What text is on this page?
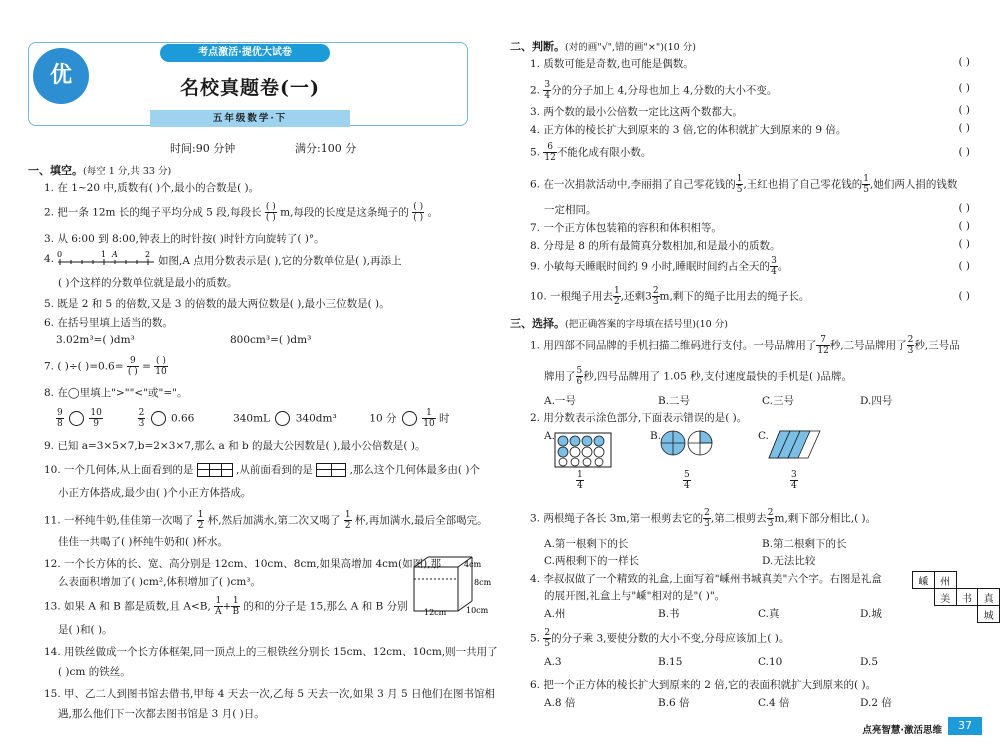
优
考点激活·提优大试卷
名校真题卷(一)
五年级数学·下
时间:90 分钟	满分:100 分
一、填空。(每空 1 分,共 33 分)
1. 在 1~20 中,质数有( )个,最小的合数是( )。
2. 把一条 12m 长的绳子平均分成 5 段,每段长 $\frac{( )}{( )} m$,每段的长度是这条绳子的 $\frac{( )}{( )}$ 。
3. 从 6:00 到 8:00,钟表上的时针按( )时针方向旋转了( )°。
4. 0	A
1	2
如图,A 点用分数表示是( ),它的分数单位是( ),再添上
( )个这样的分数单位就是最小的质数。
5. 既是 2 和 5 的倍数,又是 3 的倍数的最大两位数是( ),最小三位数是( )。
6. 在括号里填上适当的数。
3.02m³=( )dm³	800cm³=( )dm³
7. ( )÷( )$=0.6= \frac{9}{( )} = \frac{( )}{10}$
8. 在◯里填上">""<"或"="。
$\frac{9}{8}$
	$\frac{10}{9}$
	$\frac{2}{3} 0.66$	340mL 340dm³	10 分	$\frac{1}{10}$ 时
9. 已知 a=3×5×7,b=2×3×7,那么 a 和 b 的最大公因数是( ),最小公倍数是( )。
10. 一个几何体,从上面看到的是	,从前面看到的是	,那么这个几何体最多由( )个
小正方体搭成,最少由( )个小正方体搭成。
11. 一杯纯牛奶,佳佳第一次喝了 $\frac{1}{2}$ 杯,然后加满水,第二次又喝了 $\frac{1}{2}$ 杯,再加满水,最后全部喝完。
佳佳一共喝了( )杯纯牛奶和( )杯水。
12. 一个长方体的长、宽、高分别是 12cm、10cm、8cm,如果高增加 4cm(如图),那
么表面积增加了( )cm²,体积增加了( )cm³。
4cm
8cm
10cm
12cm
13. 如果 A 和 B 都是质数,且 A<B, $\frac{1}{A} + \frac{1}{B}$ 的和的分子是 15,那么 A 和 B 分别
是( )和( )。
14. 用铁丝做成一个长方体框架,同一顶点上的三根铁丝分别长 15cm、12cm、10cm,则一共用了
( )cm 的铁丝。
15. 甲、乙二人到图书馆去借书,甲每 4 天去一次,乙每 5 天去一次,如果 3 月 5 日他们在图书馆相
遇,那么他们下一次都去图书馆是 3 月( )日。
二、判断。(对的画"√",错的画"×")(10 分)
1. 质数可能是奇数,也可能是偶数。	( )
2. $\frac{3}{4}$ 分的分子加上 4,分母也加上 4,分数的大小不变。	( )
3. 两个数的最小公倍数一定比这两个数都大。	( )
4. 正方体的棱长扩大到原来的 3 倍,它的体积就扩大到原来的 9 倍。	( )
5. $\frac{6}{12}$ 不能化成有限小数。	( )
6. 在一次捐款活动中,李丽捐了自己零花钱的 $\frac{1}{5}$ ,王红也捐了自己零花钱的 $\frac{1}{5}$ ,她们两人捐的钱数
一定相同。	( )
7. 一个正方体包装箱的容积和体积相等。	( )
8. 分母是 8 的所有最简真分数相加,和是最小的质数。	( )
9. 小敏每天睡眠时间约 9 小时,睡眠时间约占全天的 $\frac{3}{4}$ 。	( )
10. 一根绳子用去 $\frac{1}{2}$ ,还剩$3 \frac{2}{3} m$,剩下的绳子比用去的绳子长。	( )
三、选择。(把正确答案的字母填在括号里)(10 分)
1. 用四部不同品牌的手机扫描二维码进行支付。一号品牌用了 $\frac{7}{12}$ 秒,二号品牌用了 $\frac{2}{3}$ 秒,三号品
牌用了 $\frac{5}{6}$ 秒,四号品牌用了 1.05 秒,支付速度最快的手机是( )品牌。
A.一号	B.二号	C.三号	D.四号
2. 用分数表示涂色部分,下面表示错误的是( )。
A.
$\frac{1}{4}$
B.
$\frac{5}{4}$
C.
$\frac{3}{4}$
3. 两根绳子各长 3m,第一根剪去它的 $\frac{2}{3}$ ,第二根剪去 $\frac{2}{3} m$,剩下部分相比,( )。
A.第一根剩下的长	B.第二根剩下的长
C.两根剩下的一样长	D.无法比较
4. 李叔叔做了一个精致的礼盒,上面写着"嵊州书城真美"六个字。右图是礼盒
的展开图,礼盒上与"嵊"相对的是"( )"。
嵊	州		
	美	书	真
			城
A.州	B.书	C.真	D.城
5. $\frac{2}{5}$ 的分子乘 3,要使分数的大小不变,分母应该加上( )。
A.3	B.15	C.10	D.5
6. 把一个正方体的棱长扩大到原来的 2 倍,它的表面积就扩大到原来的( )。
A.8 倍	B.6 倍	C.4 倍	D.2 倍
点亮智慧·激活思维	37
